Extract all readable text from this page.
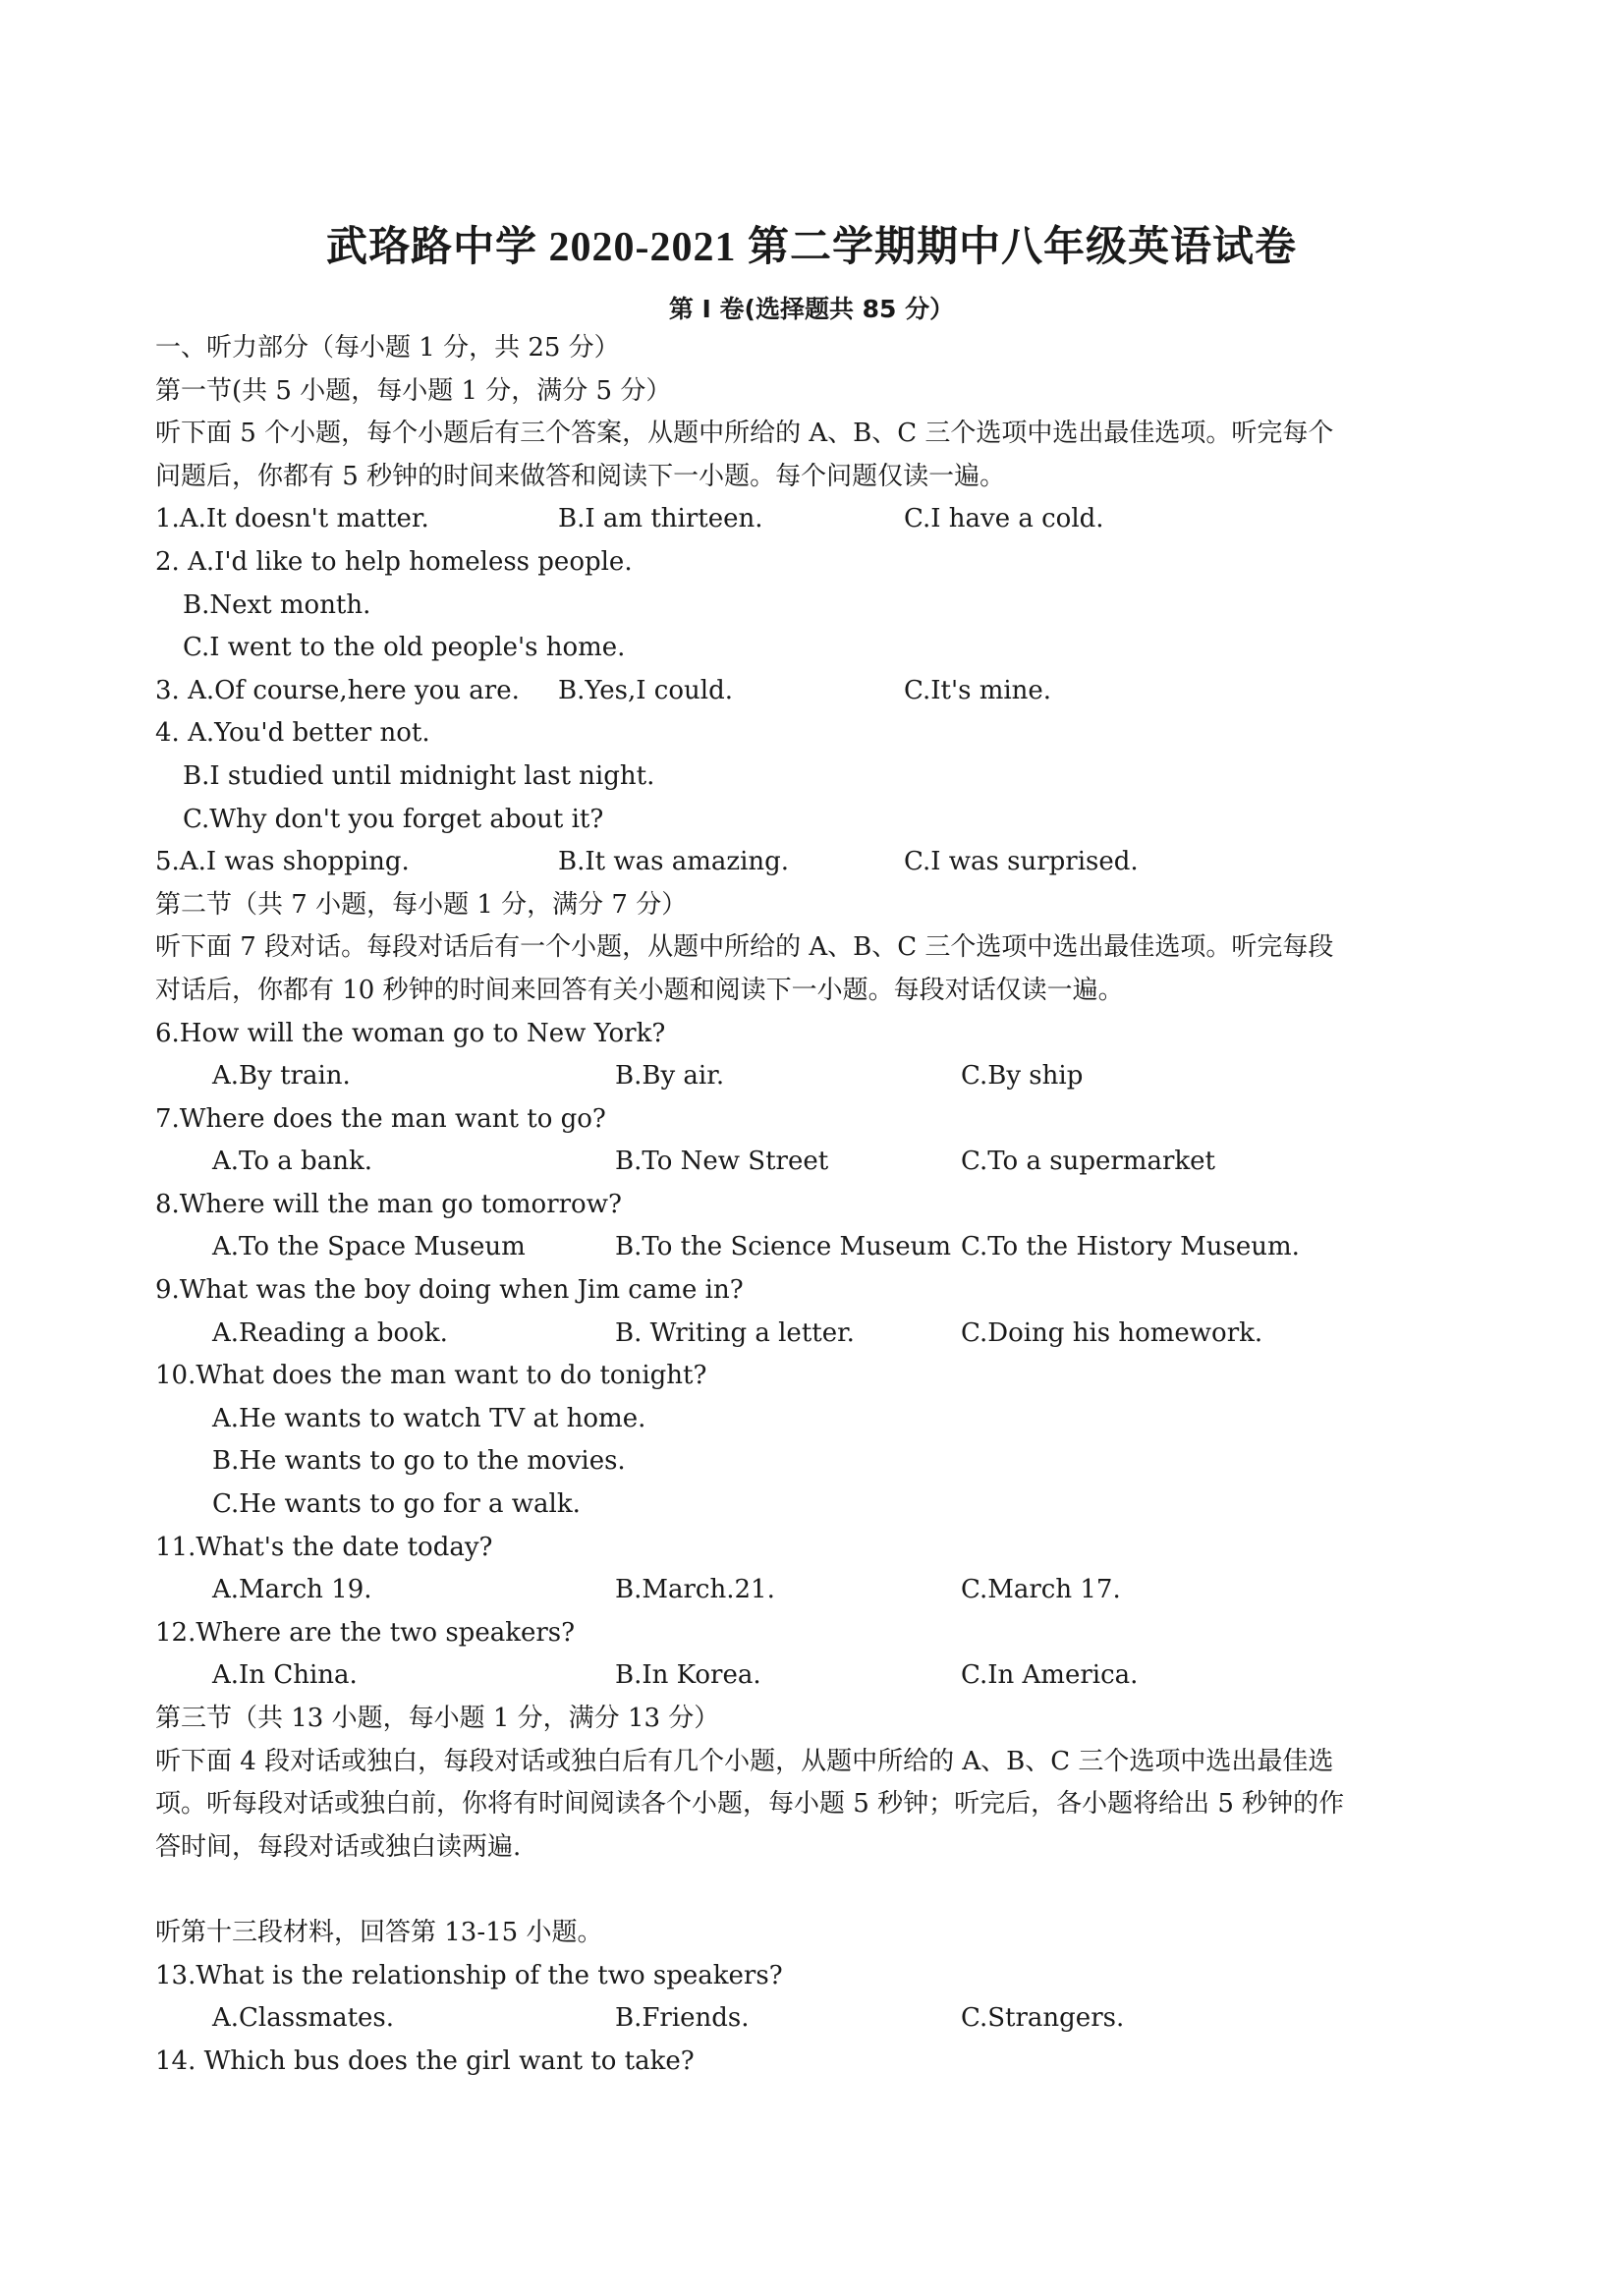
武珞路中学 2020-2021 第二学期期中八年级英语试卷
第 I 卷(选择题共 85 分）
一、听力部分（每小题 1 分，共 25 分）
第一节(共 5 小题，每小题 1 分，满分 5 分）
听下面 5 个小题，每个小题后有三个答案，从题中所给的 A、B、C 三个选项中选出最佳选项。听完每个
问题后，你都有 5 秒钟的时间来做答和阅读下一小题。每个问题仅读一遍。
1.A.It doesn't matter.	B.I am thirteen.	C.I have a cold.
2. A.I'd like to help homeless people.
B.Next month.
C.I went to the old people's home.
3. A.Of course,here you are. B.Yes,I could.	C.It's mine.
4. A.You'd better not.
B.I studied until midnight last night.
C.Why don't you forget about it?
5.A.I was shopping.	B.It was amazing.	C.I was surprised.
第二节（共 7 小题，每小题 1 分，满分 7 分）
听下面 7 段对话。每段对话后有一个小题，从题中所给的 A、B、C 三个选项中选出最佳选项。听完每段
对话后，你都有 10 秒钟的时间来回答有关小题和阅读下一小题。每段对话仅读一遍。
6.How will the woman go to New York?
A.By train.	B.By air.	C.By ship
7.Where does the man want to go?
A.To a bank.	B.To New Street	C.To a supermarket
8.Where will the man go tomorrow?
A.To the Space Museum	B.To the Science Museum C.To the History Museum.
9.What was the boy doing when Jim came in?
A.Reading a book.	B. Writing a letter.	C.Doing his homework.
10.What does the man want to do tonight?
A.He wants to watch TV at home.
B.He wants to go to the movies.
C.He wants to go for a walk.
11.What's the date today?
A.March 19.	B.March.21.	C.March 17.
12.Where are the two speakers?
A.In China.	B.In Korea.	C.In America.
第三节（共 13 小题，每小题 1 分，满分 13 分）
听下面 4 段对话或独白，每段对话或独白后有几个小题，从题中所给的 A、B、C 三个选项中选出最佳选
项。听每段对话或独白前，你将有时间阅读各个小题，每小题 5 秒钟；听完后，各小题将给出 5 秒钟的作
答时间，每段对话或独白读两遍.
听第十三段材料，回答第 13-15 小题。
13.What is the relationship of the two speakers?
A.Classmates.	B.Friends.	C.Strangers.
14. Which bus does the girl want to take?
